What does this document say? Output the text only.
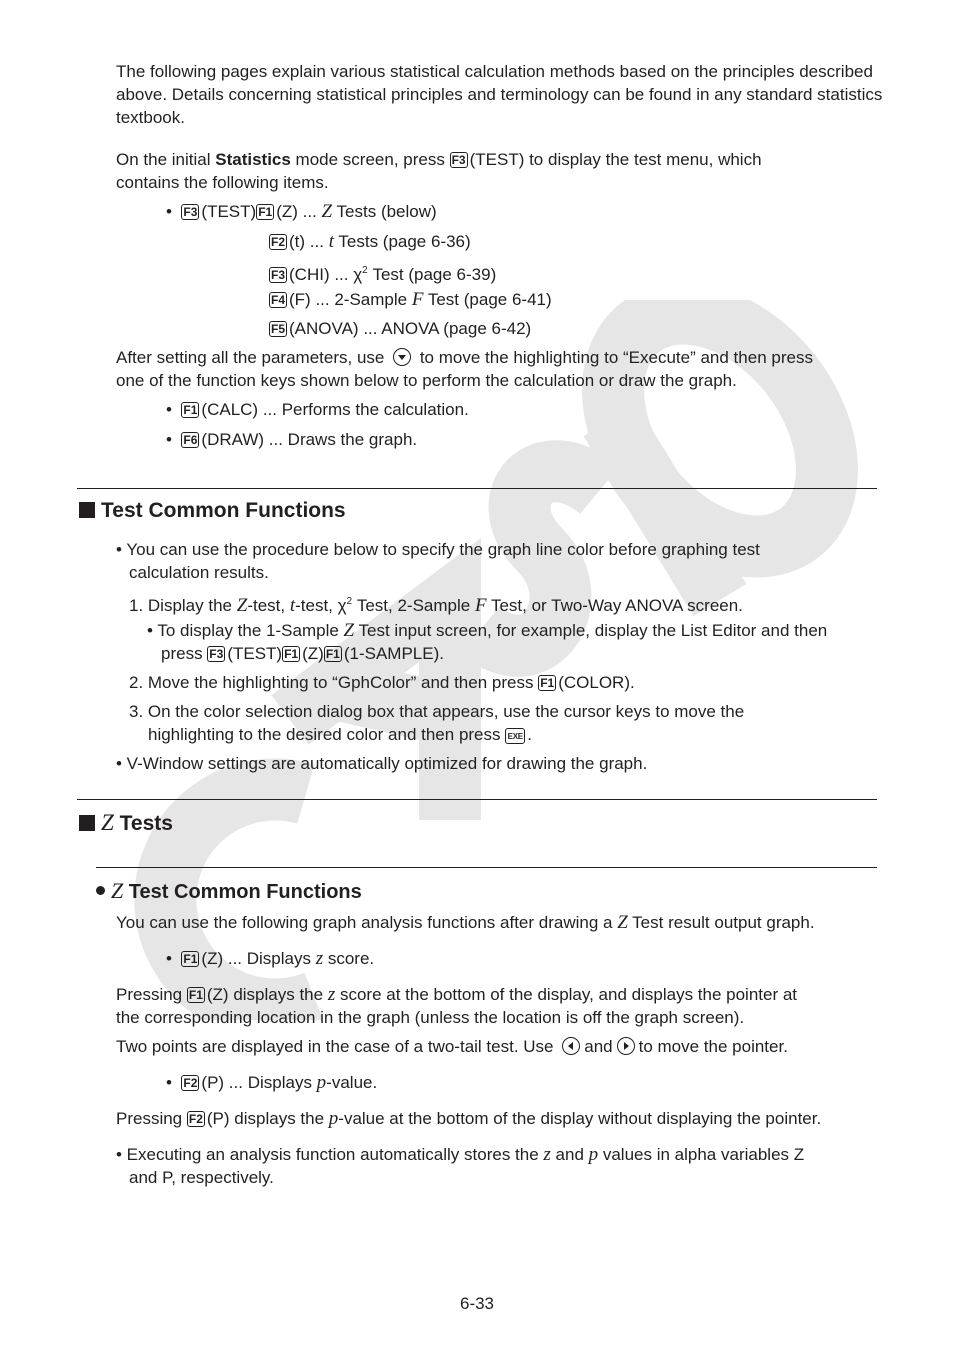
The following pages explain various statistical calculation methods based on the principles described above. Details concerning statistical principles and terminology can be found in any standard statistics textbook.
On the initial Statistics mode screen, press F3 (TEST) to display the test menu, which
contains the following items.
• F3 (TEST) F1 (Z) ... Z Tests (below)
F2 (t) ... t Tests (page 6-36)
F3 (CHI) ... $\chi^2$ Test (page 6-39)
F4 (F) ... 2-Sample F Test (page 6-41)
F5 (ANOVA) ... ANOVA (page 6-42)
After setting all the parameters, use
to move the highlighting to “Execute” and then press
one of the function keys shown below to perform the calculation or draw the graph.
• F1 (CALC) ... Performs the calculation.
• F6 (DRAW) ... Draws the graph.
Test Common Functions
• You can use the procedure below to specify the graph line color before graphing test
calculation results.
1. Display the Z-test, t-test, $\chi^2$ Test, 2-Sample F Test, or Two-Way ANOVA screen.
• To display the 1-Sample Z Test input screen, for example, display the List Editor and then
press F3 (TEST) F1 (Z) F1 (1-SAMPLE).
2. Move the highlighting to “GphColor” and then press F1 (COLOR).
3. On the color selection dialog box that appears, use the cursor keys to move the
highlighting to the desired color and then press EXE .
• V-Window settings are automatically optimized for drawing the graph.
Z Tests
Z Test Common Functions
You can use the following graph analysis functions after drawing a Z Test result output graph.
• F1 (Z) ... Displays z score.
Pressing F1 (Z) displays the z score at the bottom of the display, and displays the pointer at
the corresponding location in the graph (unless the location is off the graph screen).
Two points are displayed in the case of a two-tail test. Use
and to move the pointer.
• F2 (P) ... Displays p-value.
Pressing F2 (P) displays the p-value at the bottom of the display without displaying the pointer.
• Executing an analysis function automatically stores the z and p values in alpha variables Z
and P, respectively.
6-33
